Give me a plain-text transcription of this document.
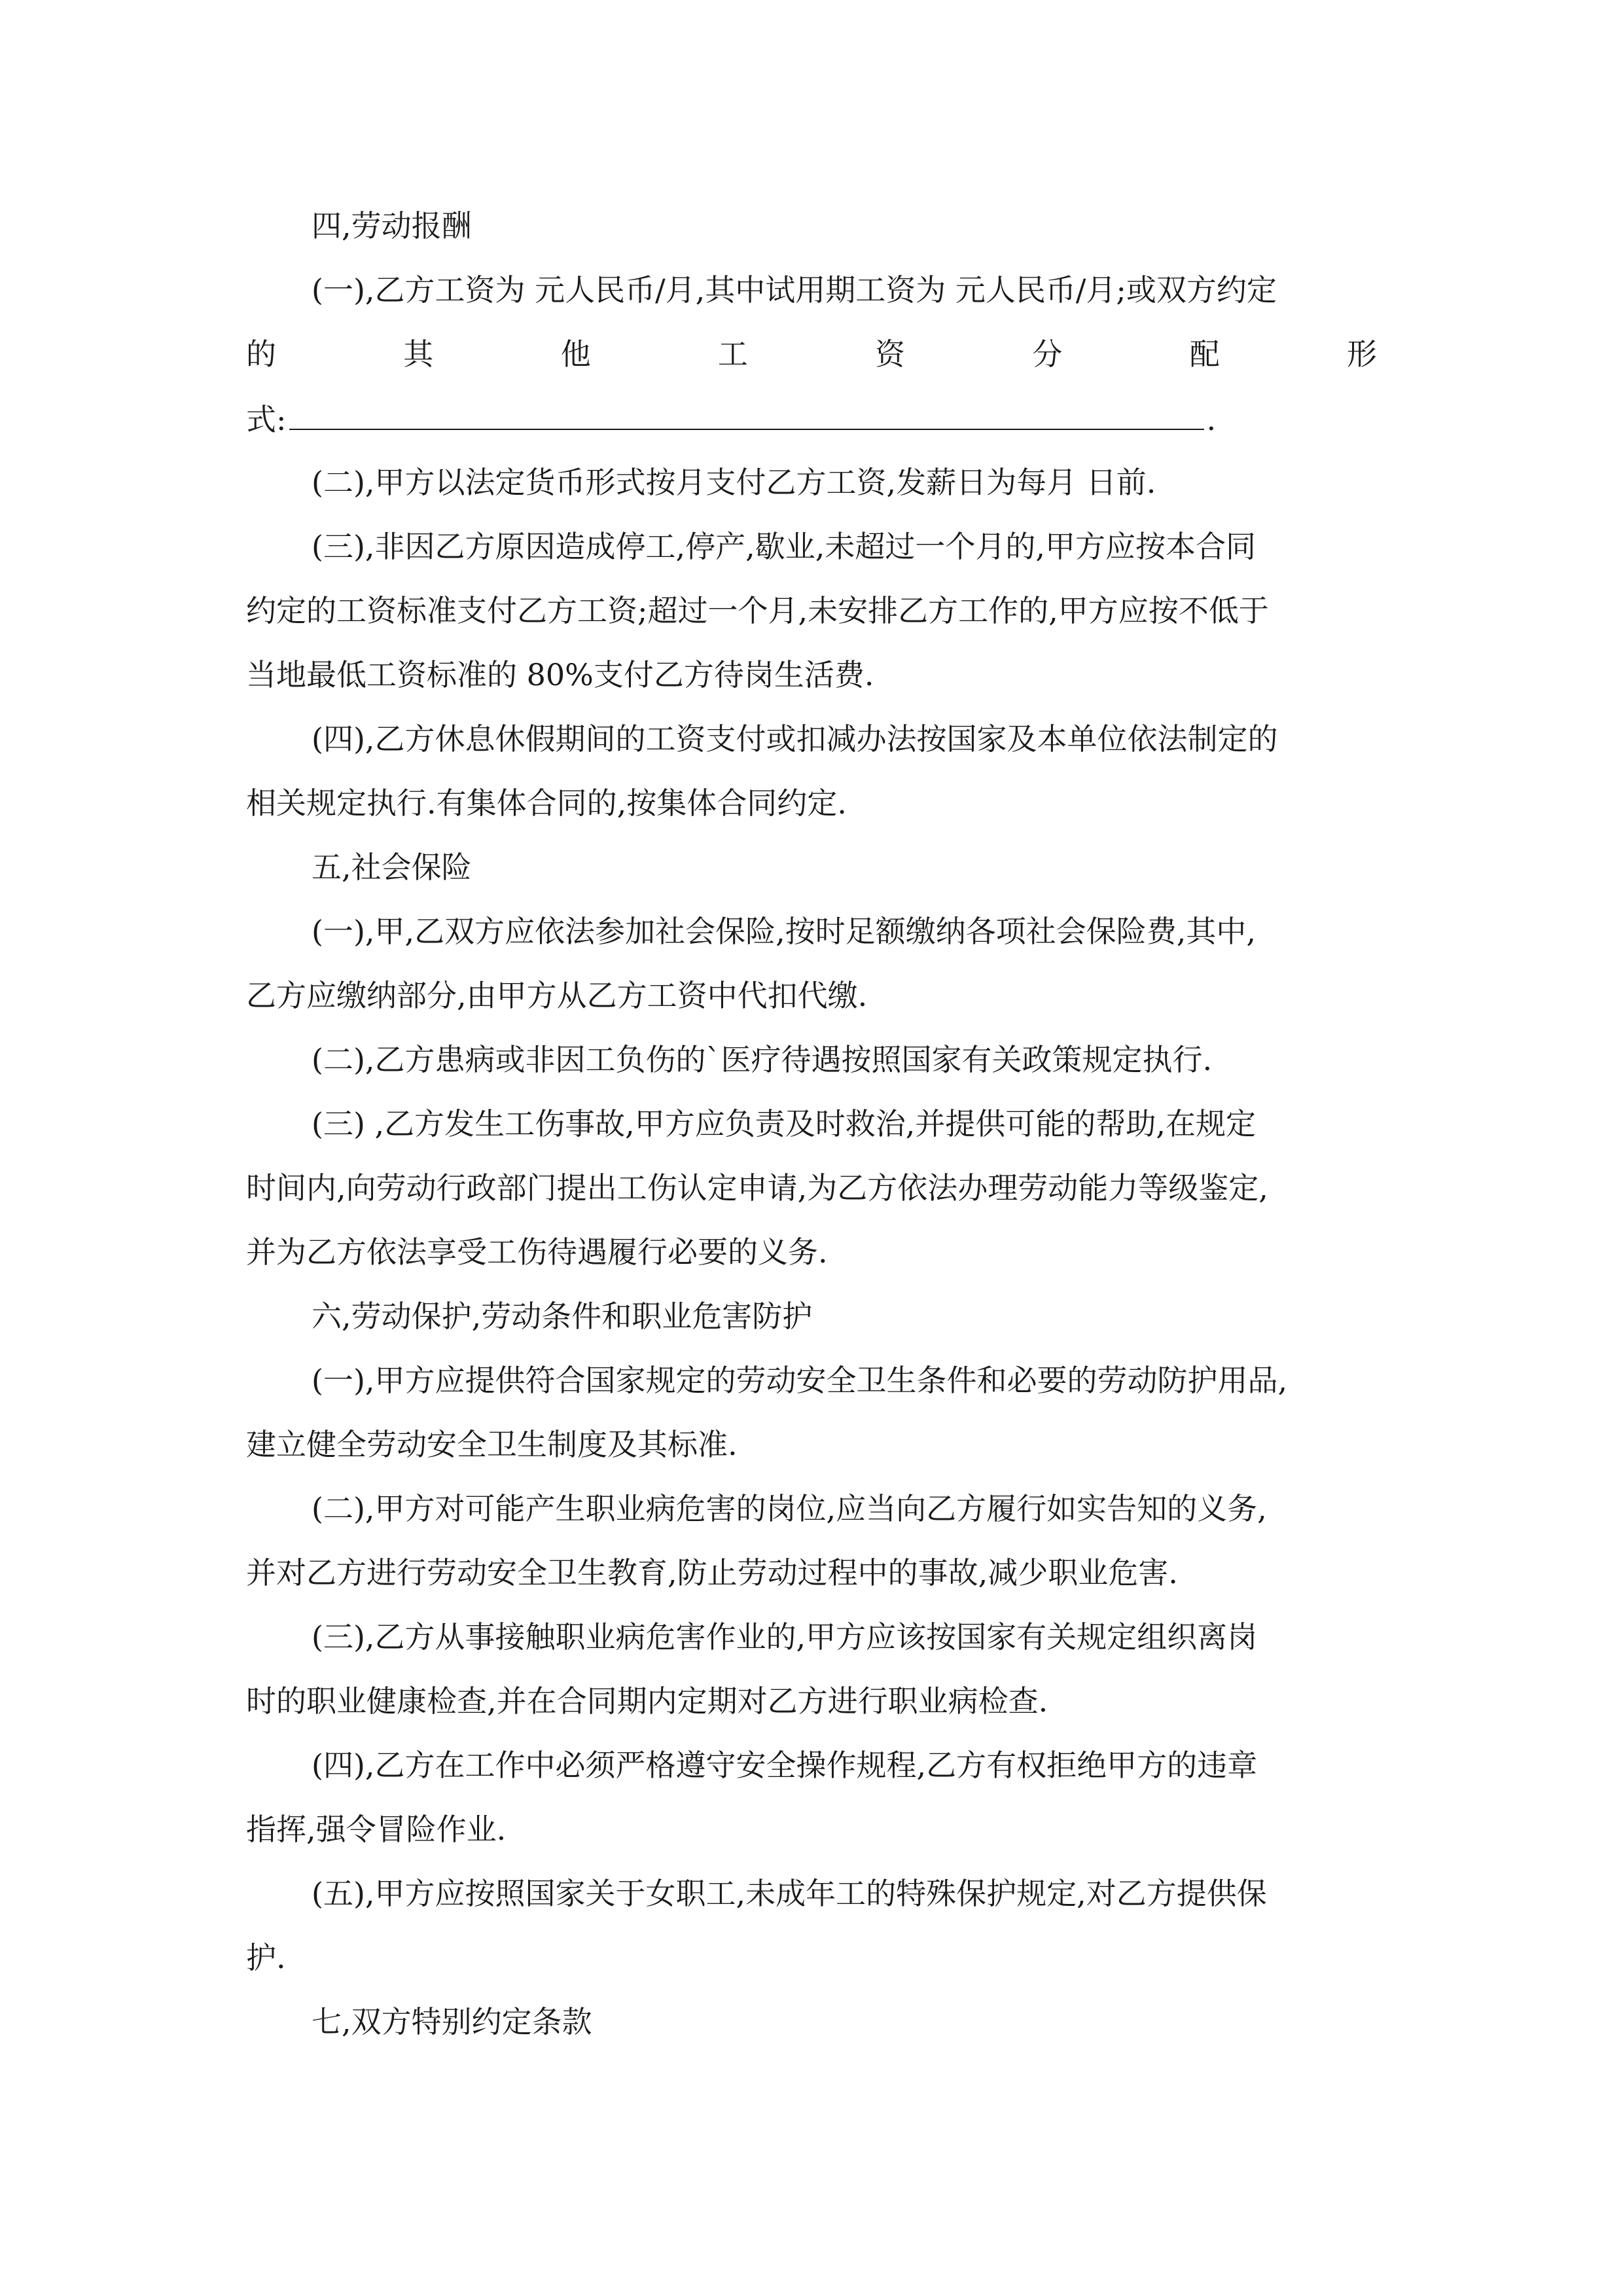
四,劳动报酬
(一),乙方工资为 元人民币/月,其中试用期工资为 元人民币/月;或双方约定
的	其	他	工	资	分	配	形
式:	.
(二),甲方以法定货币形式按月支付乙方工资,发薪日为每月 日前.
(三),非因乙方原因造成停工,停产,歇业,未超过一个月的,甲方应按本合同
约定的工资标准支付乙方工资;超过一个月,未安排乙方工作的,甲方应按不低于
当地最低工资标准的 80%支付乙方待岗生活费.
(四),乙方休息休假期间的工资支付或扣减办法按国家及本单位依法制定的
相关规定执行.有集体合同的,按集体合同约定.
五,社会保险
(一),甲,乙双方应依法参加社会保险,按时足额缴纳各项社会保险费,其中,
乙方应缴纳部分,由甲方从乙方工资中代扣代缴.
(二),乙方患病或非因工负伤的`医疗待遇按照国家有关政策规定执行.
(三) ,乙方发生工伤事故,甲方应负责及时救治,并提供可能的帮助,在规定
时间内,向劳动行政部门提出工伤认定申请,为乙方依法办理劳动能力等级鉴定,
并为乙方依法享受工伤待遇履行必要的义务.
六,劳动保护,劳动条件和职业危害防护
(一),甲方应提供符合国家规定的劳动安全卫生条件和必要的劳动防护用品,
建立健全劳动安全卫生制度及其标准.
(二),甲方对可能产生职业病危害的岗位,应当向乙方履行如实告知的义务,
并对乙方进行劳动安全卫生教育,防止劳动过程中的事故,减少职业危害.
(三),乙方从事接触职业病危害作业的,甲方应该按国家有关规定组织离岗
时的职业健康检查,并在合同期内定期对乙方进行职业病检查.
(四),乙方在工作中必须严格遵守安全操作规程,乙方有权拒绝甲方的违章
指挥,强令冒险作业.
(五),甲方应按照国家关于女职工,未成年工的特殊保护规定,对乙方提供保
护.
七,双方特别约定条款
